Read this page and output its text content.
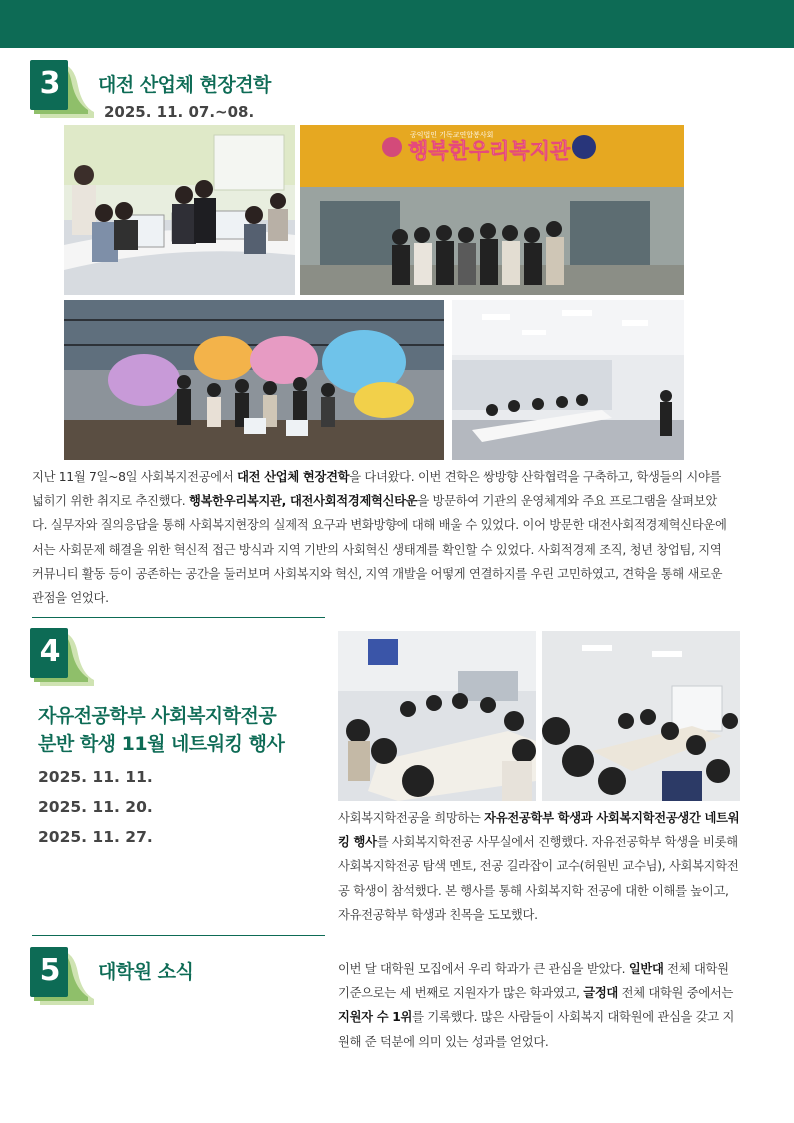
3	대전 산업체 현장견학
2025. 11. 07.~08.
공익법인 기독교연합봉사회
행복한우리복지관

지난 11월 7일~8일 사회복지전공에서 대전 산업체 현장견학을 다녀왔다. 이번 견학은 쌍방향 산학협력을 구축하고, 학생들의 시야를 넓히기 위한 취지로 추진했다. 행복한우리복지관, 대전사회적경제혁신타운을 방문하여 기관의 운영체계와 주요 프로그램을 살펴보았다. 실무자와 질의응답을 통해 사회복지현장의 실제적 요구과 변화방향에 대해 배울 수 있었다. 이어 방문한 대전사회적경제혁신타운에서는 사회문제 해결을 위한 혁신적 접근 방식과 지역 기반의 사회혁신 생태계를 확인할 수 있었다. 사회적경제 조직, 청년 창업팀, 지역 커뮤니티 활동 등이 공존하는 공간을 둘러보며 사회복지와 혁신, 지역 개발을 어떻게 연결하지를 우린 고민하였고, 견학을 통해 새로운 관점을 얻었다.

4
자유전공학부 사회복지학전공
분반 학생 11월 네트워킹 행사
2025. 11. 11.
2025. 11. 20.
2025. 11. 27.

사회복지학전공을 희망하는 자유전공학부 학생과 사회복지학전공생간 네트워킹 행사를 사회복지학전공 사무실에서 진행했다. 자유전공학부 학생을 비롯해 사회복지학전공 탐색 멘토, 전공 길라잡이 교수(허원빈 교수님), 사회복지학전공 학생이 참석했다. 본 행사를 통해 사회복지학 전공에 대한 이해를 높이고, 자유전공학부 학생과 친목을 도모했다.

5	대학원 소식	이번 달 대학원 모집에서 우리 학과가 큰 관심을 받았다. 일반대 전체 대학원 기준으로는 세 번째로 지원자가 많은 학과였고, 글정대 전체 대학원 중에서는 지원자 수 1위를 기록했다. 많은 사람들이 사회복지 대학원에 관심을 갖고 지원해 준 덕분에 의미 있는 성과를 얻었다.
